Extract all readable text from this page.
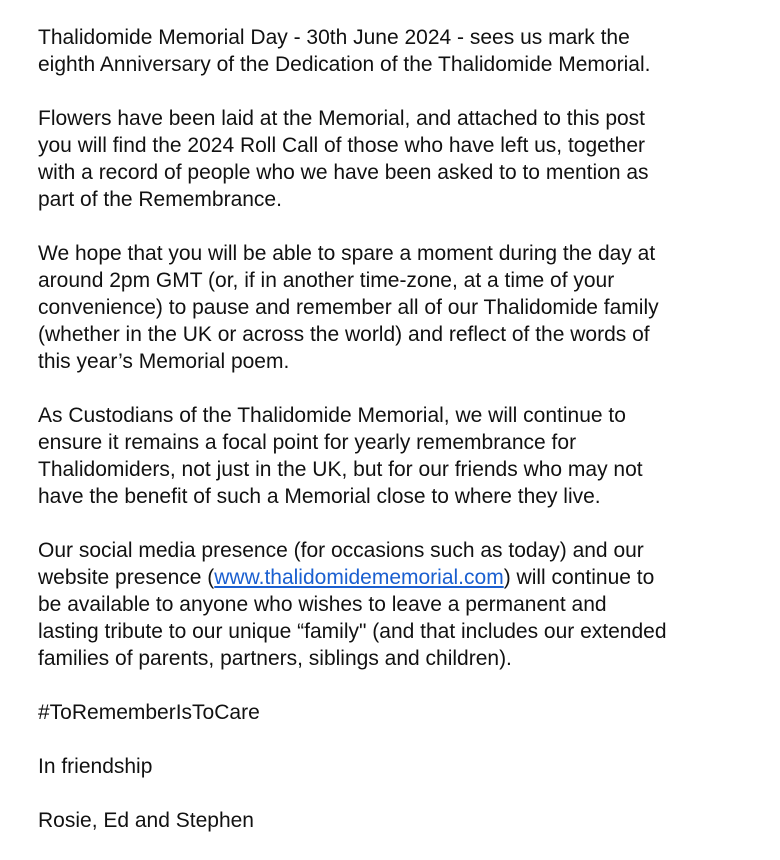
Thalidomide Memorial Day - 30th June 2024 - sees us mark the
eighth Anniversary of the Dedication of the Thalidomide Memorial.

Flowers have been laid at the Memorial, and attached to this post
you will find the 2024 Roll Call of those who have left us, together
with a record of people who we have been asked to to mention as
part of the Remembrance.

We hope that you will be able to spare a moment during the day at
around 2pm GMT (or, if in another time-zone, at a time of your
convenience) to pause and remember all of our Thalidomide family
(whether in the UK or across the world) and reflect of the words of
this year’s Memorial poem.

As Custodians of the Thalidomide Memorial, we will continue to
ensure it remains a focal point for yearly remembrance for
Thalidomiders, not just in the UK, but for our friends who may not
have the benefit of such a Memorial close to where they live.

Our social media presence (for occasions such as today) and our
website presence (www.thalidomidememorial.com) will continue to
be available to anyone who wishes to leave a permanent and
lasting tribute to our unique “family" (and that includes our extended
families of parents, partners, siblings and children).

#ToRememberIsToCare

In friendship

Rosie, Ed and Stephen
